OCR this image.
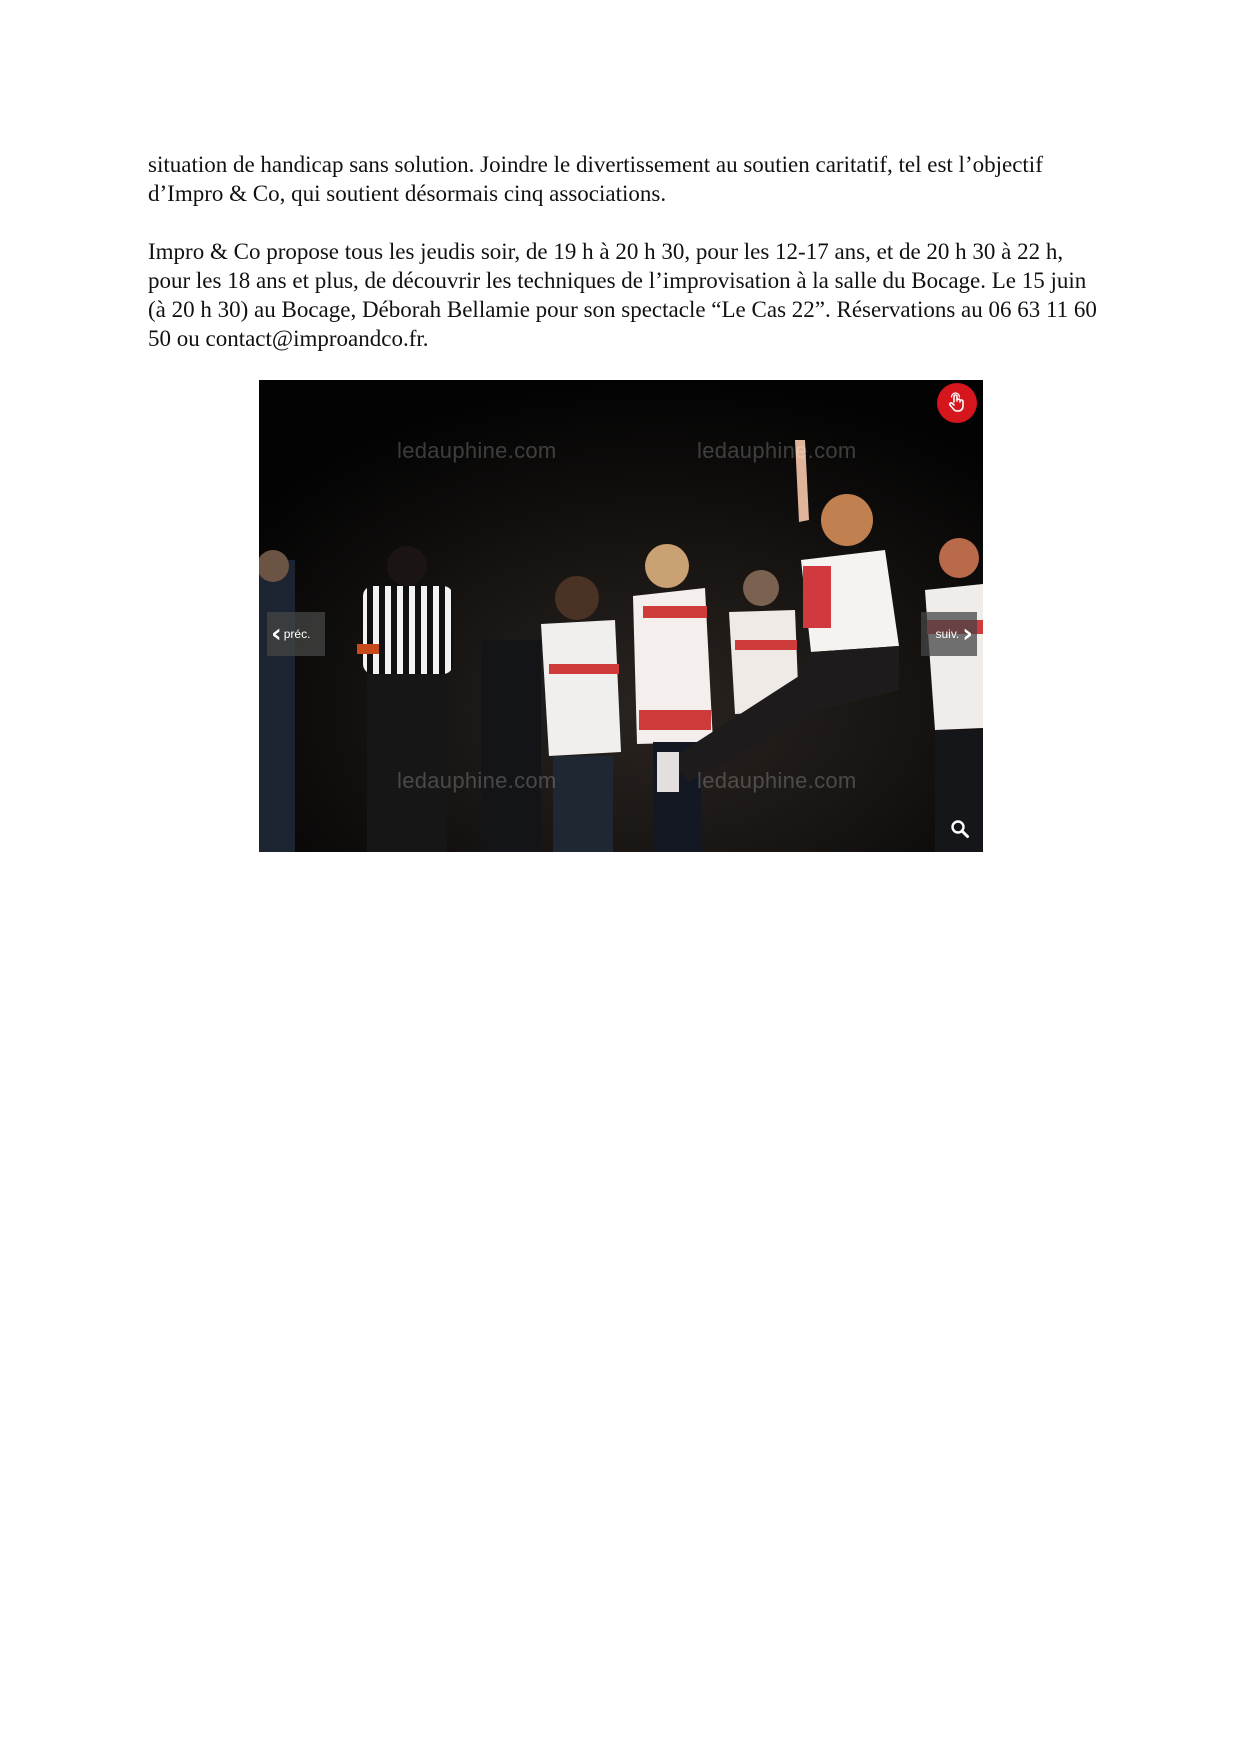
situation de handicap sans solution. Joindre le divertissement au soutien caritatif, tel est l’objectif d’Impro & Co, qui soutient désormais cinq associations.

Impro & Co propose tous les jeudis soir, de 19 h à 20 h 30, pour les 12-17 ans, et de 20 h 30 à 22 h, pour les 18 ans et plus, de découvrir les techniques de l’improvisation à la salle du Bocage. Le 15 juin (à 20 h 30) au Bocage, Déborah Bellamie pour son spectacle “Le Cas 22”. Réservations au 06 63 11 60 50 ou contact@improandco.fr.

ledauphine.com	ledauphine.com
ledauphine.com	ledauphine.com
‹ préc.	suiv. ›
